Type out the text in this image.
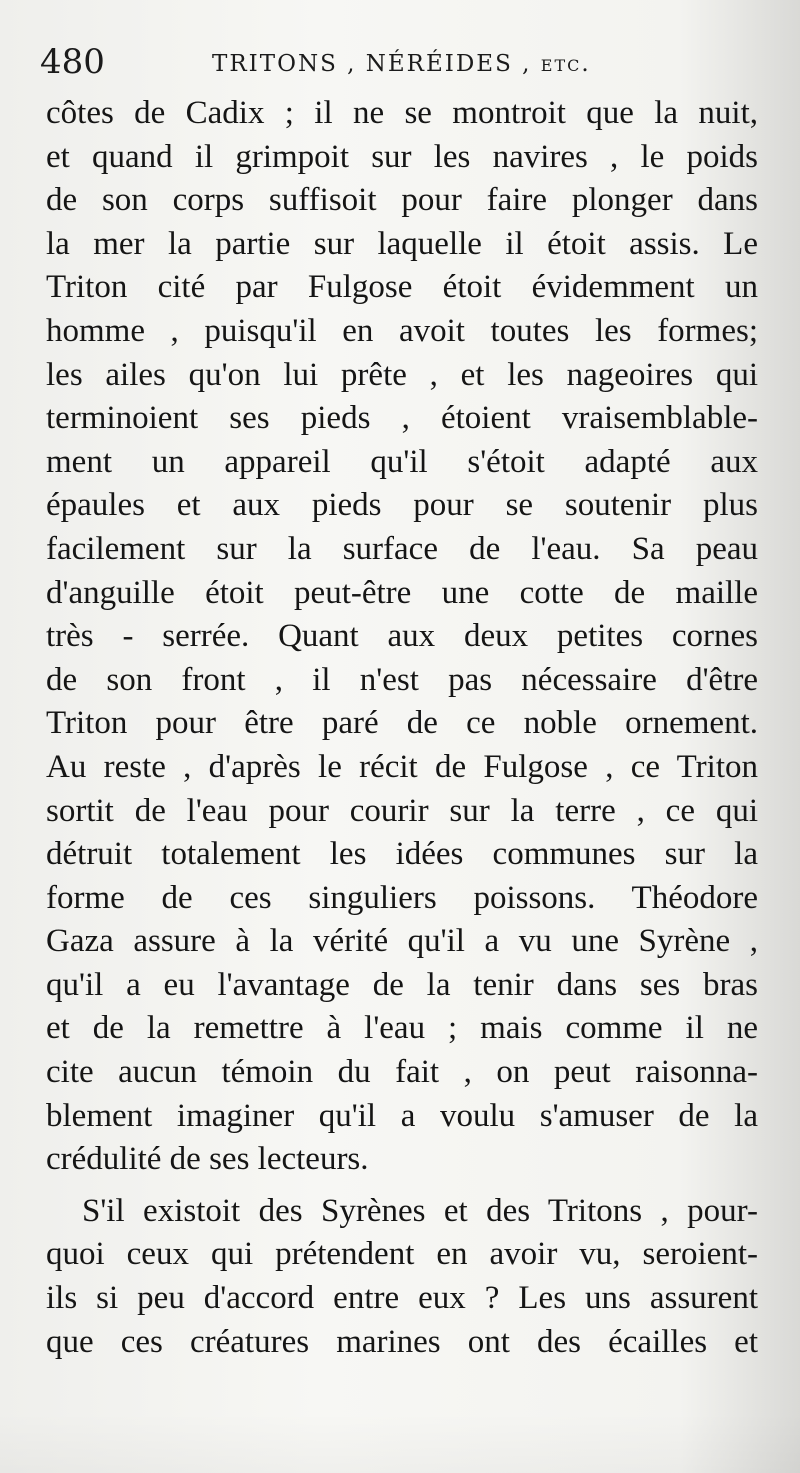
480	TRITONS , NÉRÉIDES , etc.
côtes de Cadix ; il ne se montroit que la nuit,
et quand il grimpoit sur les navires , le poids
de son corps suffisoit pour faire plonger dans
la mer la partie sur laquelle il étoit assis. Le
Triton cité par Fulgose étoit évidemment un
homme , puisqu'il en avoit toutes les formes;
les ailes qu'on lui prête , et les nageoires qui
terminoient ses pieds , étoient vraisemblable-
ment un appareil qu'il s'étoit adapté aux
épaules et aux pieds pour se soutenir plus
facilement sur la surface de l'eau. Sa peau
d'anguille étoit peut-être une cotte de maille
très - serrée. Quant aux deux petites cornes
de son front , il n'est pas nécessaire d'être
Triton pour être paré de ce noble ornement.
Au reste , d'après le récit de Fulgose , ce Triton
sortit de l'eau pour courir sur la terre , ce qui
détruit totalement les idées communes sur la
forme de ces singuliers poissons. Théodore
Gaza assure à la vérité qu'il a vu une Syrène ,
qu'il a eu l'avantage de la tenir dans ses bras
et de la remettre à l'eau ; mais comme il ne
cite aucun témoin du fait , on peut raisonna-
blement imaginer qu'il a voulu s'amuser de la
crédulité de ses lecteurs.
S'il existoit des Syrènes et des Tritons , pour-
quoi ceux qui prétendent en avoir vu, seroient-
ils si peu d'accord entre eux ? Les uns assurent
que ces créatures marines ont des écailles et
